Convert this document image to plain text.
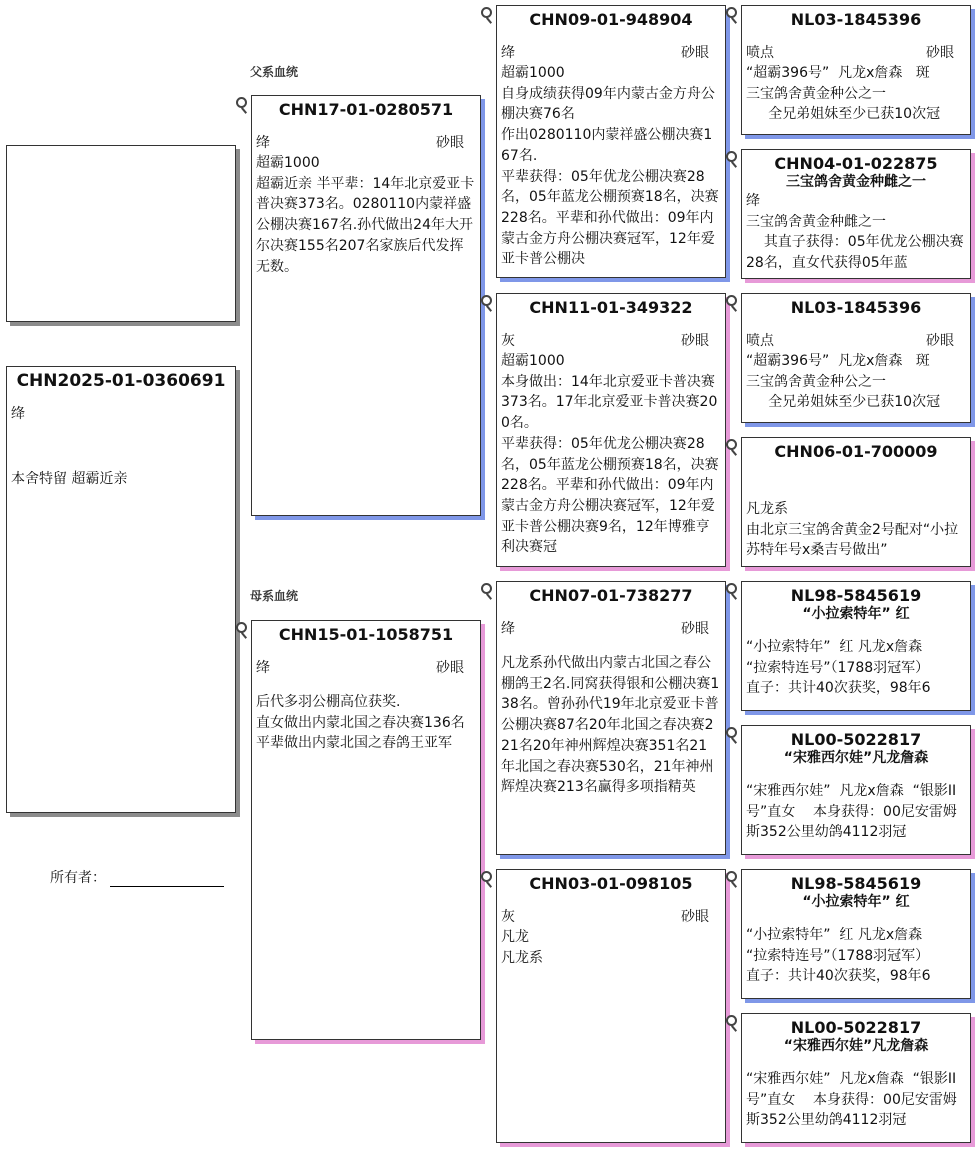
CHN2025-01-0360691
绛
本舍特留 超霸近亲
所有者：
父系血统
母系血统
CHN17-01-0280571
绛	砂眼
超霸1000
超霸近亲 半平辈：14年北京爱亚卡普决赛373名。0280110内蒙祥盛公棚决赛167名.孙代做出24年大开尔决赛155名207名家族后代发挥无数。
CHN15-01-1058751
绛	砂眼
后代多羽公棚高位获奖.
直女做出内蒙北国之春决赛136名
平辈做出内蒙北国之春鸽王亚军
CHN09-01-948904
绛	砂眼
超霸1000
自身成绩获得09年内蒙古金方舟公棚决赛76名
作出0280110内蒙祥盛公棚决赛167名.
平辈获得：05年优龙公棚决赛28名，05年蓝龙公棚预赛18名，决赛228名。平辈和孙代做出：09年内蒙古金方舟公棚决赛冠军，12年爱亚卡普公棚决
CHN11-01-349322
灰	砂眼
超霸1000
本身做出：14年北京爱亚卡普决赛373名。17年北京爱亚卡普决赛200名。
平辈获得：05年优龙公棚决赛28名，05年蓝龙公棚预赛18名，决赛228名。平辈和孙代做出：09年内蒙古金方舟公棚决赛冠军，12年爱亚卡普公棚决赛9名，12年博雅亨利决赛冠
CHN07-01-738277
绛	砂眼
凡龙系孙代做出内蒙古北国之春公棚鸽王2名.同窝获得银和公棚决赛138名。曾孙孙代19年北京爱亚卡普公棚决赛87名20年北国之春决赛221名20年神州辉煌决赛351名21年北国之春决赛530名，21年神州辉煌决赛213名赢得多项指精英
CHN03-01-098105
灰	砂眼
凡龙
凡龙系
NL03-1845396
喷点	砂眼
“超霸396号”  凡龙x詹森   斑
三宝鸽舍黄金种公之一
全兄弟姐妹至少已获10次冠
CHN04-01-022875
三宝鸽舍黄金种雌之一
绛
三宝鸽舍黄金种雌之一
其直子获得：05年优龙公棚决赛28名，直女代获得05年蓝
NL03-1845396
喷点	砂眼
“超霸396号”  凡龙x詹森   斑
三宝鸽舍黄金种公之一
全兄弟姐妹至少已获10次冠
CHN06-01-700009
凡龙系
由北京三宝鸽舍黄金2号配对“小拉苏特年号x桑吉号做出”
NL98-5845619
“小拉索特年” 红
“小拉索特年”  红 凡龙x詹森
“拉索特连号”（1788羽冠军）
直子：共计40次获奖，98年6
NL00-5022817
“宋雅西尔娃”凡龙詹森
“宋雅西尔娃”  凡龙x詹森  “银影II号”直女    本身获得：00尼安雷姆斯352公里幼鸽4112羽冠
NL98-5845619
“小拉索特年” 红
“小拉索特年”  红 凡龙x詹森
“拉索特连号”（1788羽冠军）
直子：共计40次获奖，98年6
NL00-5022817
“宋雅西尔娃”凡龙詹森
“宋雅西尔娃”  凡龙x詹森  “银影II号”直女    本身获得：00尼安雷姆斯352公里幼鸽4112羽冠
